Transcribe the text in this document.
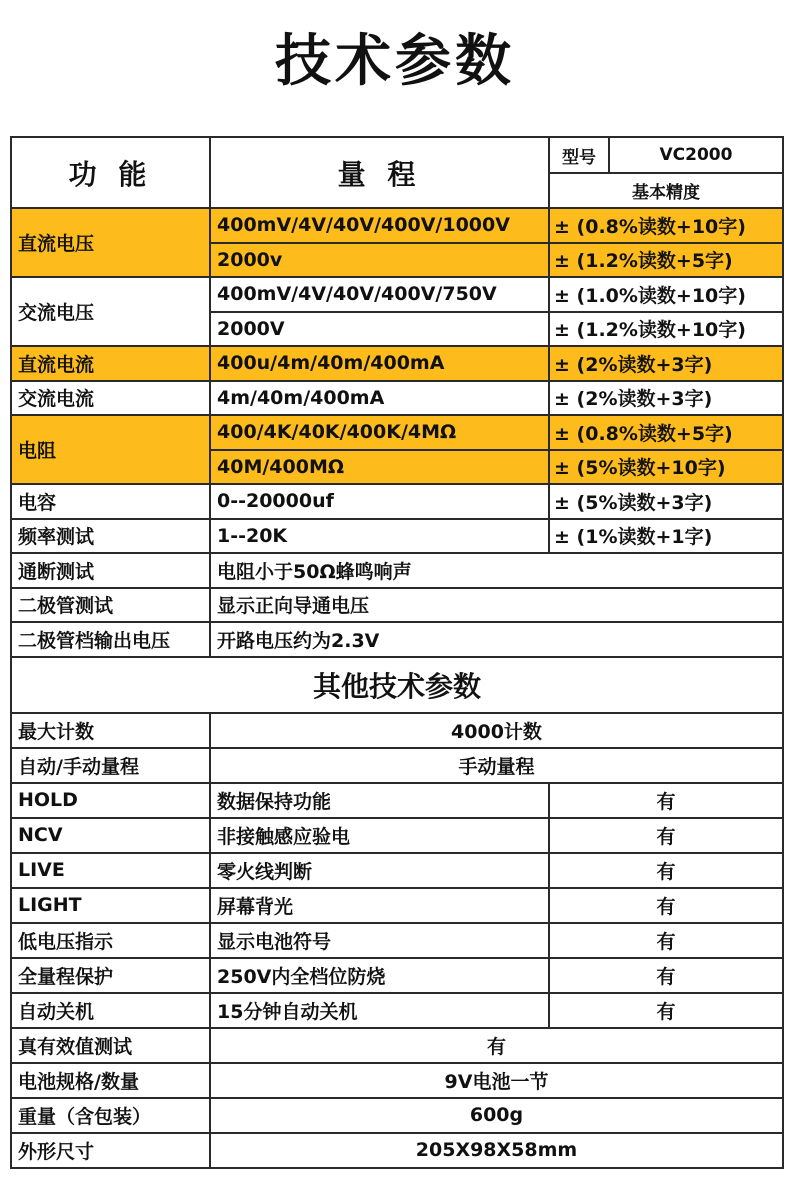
技术参数
功 能	量 程	型号	VC2000
		基本精度	
直流电压	400mV/4V/40V/400V/1000V	± (0.8%读数+10字)	
	2000v	± (1.2%读数+5字)	
交流电压	400mV/4V/40V/400V/750V	± (1.0%读数+10字)	
	2000V	± (1.2%读数+10字)	
直流电流	400u/4m/40m/400mA	± (2%读数+3字)	
交流电流	4m/40m/400mA	± (2%读数+3字)	
电阻	400/4K/40K/400K/4MΩ	± (0.8%读数+5字)	
	40M/400MΩ	± (5%读数+10字)	
电容	0--20000uf	± (5%读数+3字)	
频率测试	1--20K	± (1%读数+1字)	
通断测试	电阻小于50Ω蜂鸣响声		
二极管测试	显示正向导通电压		
二极管档输出电压	开路电压约为2.3V		
其他技术参数			
最大计数	4000计数		
自动/手动量程	手动量程		
HOLD	数据保持功能	有	
NCV	非接触感应验电	有	
LIVE	零火线判断	有	
LIGHT	屏幕背光	有	
低电压指示	显示电池符号	有	
全量程保护	250V内全档位防烧	有	
自动关机	15分钟自动关机	有	
真有效值测试	有		
电池规格/数量	9V电池一节		
重量（含包装）	600g		
外形尺寸	205X98X58mm		
